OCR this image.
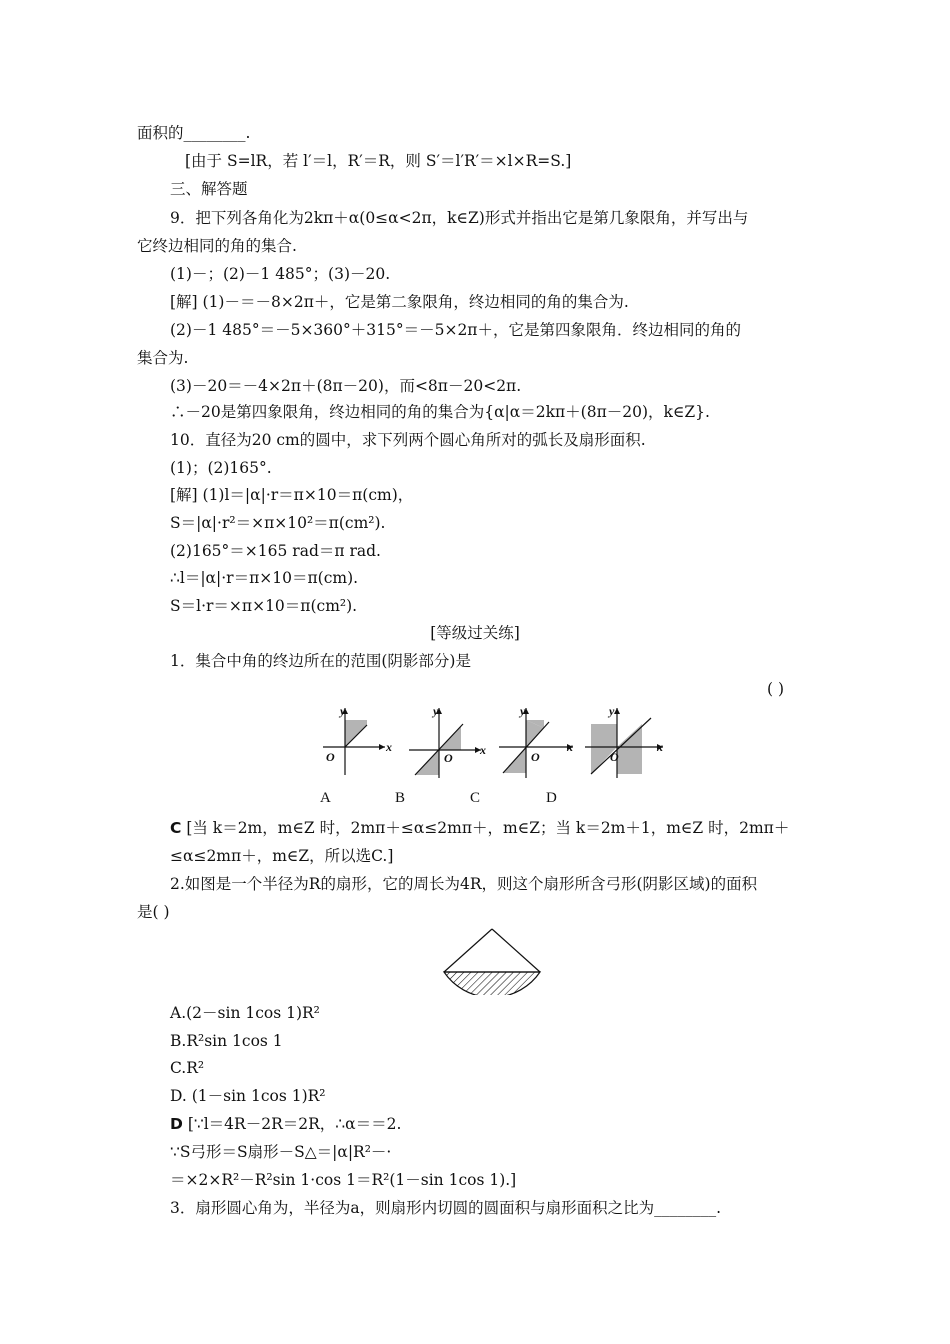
面积的________.
[由于 S=lR，若 l′＝l，R′＝R，则 S′＝l′R′＝×l×R=S.]
三、解答题
9．把下列各角化为2kπ＋α(0≤α<2π，k∈Z)形式并指出它是第几象限角，并写出与
它终边相同的角的集合.
(1)－；(2)－1 485°；(3)－20.
[解] (1)－＝－8×2π＋，它是第二象限角，终边相同的角的集合为.
(2)－1 485°＝－5×360°＋315°＝－5×2π＋，它是第四象限角．终边相同的角的
集合为.
(3)－20＝－4×2π＋(8π－20)，而<8π－20<2π.
∴－20是第四象限角，终边相同的角的集合为{α|α＝2kπ＋(8π－20)，k∈Z}.
10．直径为20 cm的圆中，求下列两个圆心角所对的弧长及扇形面积.
(1)；(2)165°.
[解] (1)l＝|α|·r＝π×10＝π(cm)，
S＝|α|·r²＝×π×10²＝π(cm²).
(2)165°＝×165 rad＝π rad.
∴l＝|α|·r＝π×10＝π(cm).
S＝l·r＝×π×10＝π(cm²).
[等级过关练]
1．集合中角的终边所在的范围(阴影部分)是
( )
y
x
O
y
x
O
y
x
O
y
x
O
A	B	C	D
C [当 k＝2m，m∈Z 时，2mπ＋≤α≤2mπ＋，m∈Z；当 k＝2m＋1，m∈Z 时，2mπ＋
≤α≤2mπ＋，m∈Z，所以选C.]
2.如图是一个半径为R的扇形，它的周长为4R，则这个扇形所含弓形(阴影区域)的面积
是( )
A.(2－sin 1cos 1)R²
B.R²sin 1cos 1
C.R²
D. (1－sin 1cos 1)R²
D [∵l＝4R－2R＝2R，∴α＝＝2.
∵S弓形＝S扇形－S△＝|α|R²－·
＝×2×R²－R²sin 1·cos 1＝R²(1－sin 1cos 1).]
3．扇形圆心角为，半径为a，则扇形内切圆的圆面积与扇形面积之比为________.
